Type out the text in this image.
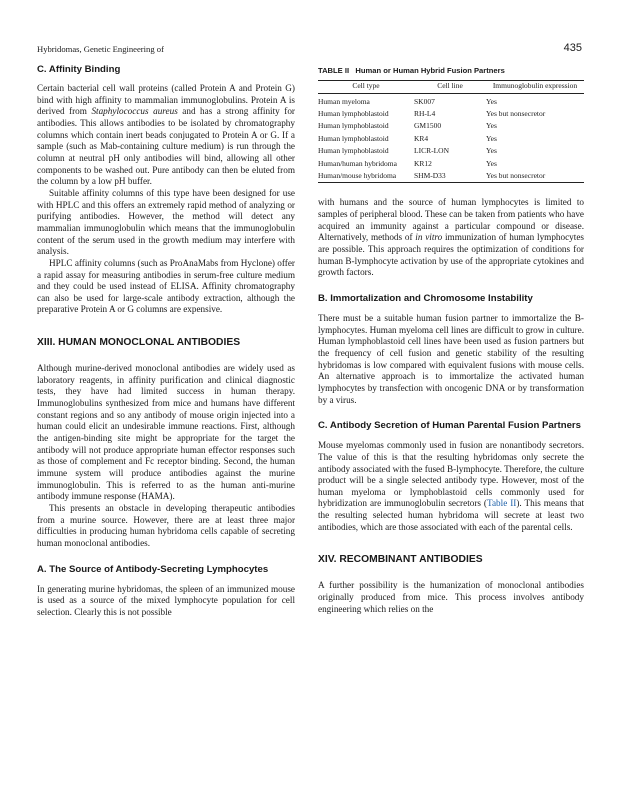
Hybridomas, Genetic Engineering of	435
C. Affinity Binding

Certain bacterial cell wall proteins (called Protein A and Protein G) bind with high affinity to mammalian immunoglobulins. Protein A is derived from Staphylococcus aureus and has a strong affinity for antibodies. This allows antibodies to be isolated by chromatography columns which contain inert beads conjugated to Protein A or G. If a sample (such as Mab-containing culture medium) is run through the column at neutral pH only antibodies will bind, allowing all other components to be washed out. Pure antibody can then be eluted from the column by a low pH buffer.

Suitable affinity columns of this type have been designed for use with HPLC and this offers an extremely rapid method of analyzing or purifying antibodies. However, the method will detect any mammalian immunoglobulin which means that the immunoglobulin content of the serum used in the growth medium may interfere with analysis.

HPLC affinity columns (such as ProAnaMabs from Hyclone) offer a rapid assay for measuring antibodies in serum-free culture medium and they could be used instead of ELISA. Affinity chromatography can also be used for large-scale antibody extraction, although the preparative Protein A or G columns are expensive.

XIII. HUMAN MONOCLONAL ANTIBODIES

Although murine-derived monoclonal antibodies are widely used as laboratory reagents, in affinity purification and clinical diagnostic tests, they have had limited success in human therapy. Immunoglobulins synthesized from mice and humans have different constant regions and so any antibody of mouse origin injected into a human could elicit an undesirable immune reactions. First, although the antigen-binding site might be appropriate for the target the antibody will not produce appropriate human effector responses such as those of complement and Fc receptor binding. Second, the human immune system will produce antibodies against the murine immunoglobulin. This is referred to as the human anti-murine antibody immune response (HAMA).

This presents an obstacle in developing therapeutic antibodies from a murine source. However, there are at least three major difficulties in producing human hybridoma cells capable of secreting human monoclonal antibodies.

A. The Source of Antibody-Secreting Lymphocytes

In generating murine hybridomas, the spleen of an immunized mouse is used as a source of the mixed lymphocyte population for cell selection. Clearly this is not possible

TABLE II Human or Human Hybrid Fusion Partners
Cell type	Cell line	Immunoglobulin expression
Human myeloma	SK007	Yes
Human lymphoblastoid	RH-L4	Yes but nonsecretor
Human lymphoblastoid	GM1500	Yes
Human lymphoblastoid	KR4	Yes
Human lymphoblastoid	LICR-LON	Yes
Human/human hybridoma	KR12	Yes
Human/mouse hybridoma	SHM-D33	Yes but nonsecretor

with humans and the source of human lymphocytes is limited to samples of peripheral blood. These can be taken from patients who have acquired an immunity against a particular compound or disease. Alternatively, methods of in vitro immunization of human lymphocytes are possible. This approach requires the optimization of conditions for human B-lymphocyte activation by use of the appropriate cytokines and growth factors.

B. Immortalization and Chromosome Instability

There must be a suitable human fusion partner to immortalize the B-lymphocytes. Human myeloma cell lines are difficult to grow in culture. Human lymphoblastoid cell lines have been used as fusion partners but the frequency of cell fusion and genetic stability of the resulting hybridomas is low compared with equivalent fusions with mouse cells. An alternative approach is to immortalize the activated human lymphocytes by transfection with oncogenic DNA or by transformation by a virus.

C. Antibody Secretion of Human Parental Fusion Partners

Mouse myelomas commonly used in fusion are nonantibody secretors. The value of this is that the resulting hybridomas only secrete the antibody associated with the fused B-lymphocyte. Therefore, the culture product will be a single selected antibody type. However, most of the human myeloma or lymphoblastoid cells commonly used for hybridization are immunoglobulin secretors (Table II). This means that the resulting selected human hybridoma will secrete at least two antibodies, which are those associated with each of the parental cells.

XIV. RECOMBINANT ANTIBODIES

A further possibility is the humanization of monoclonal antibodies originally produced from mice. This process involves antibody engineering which relies on the
